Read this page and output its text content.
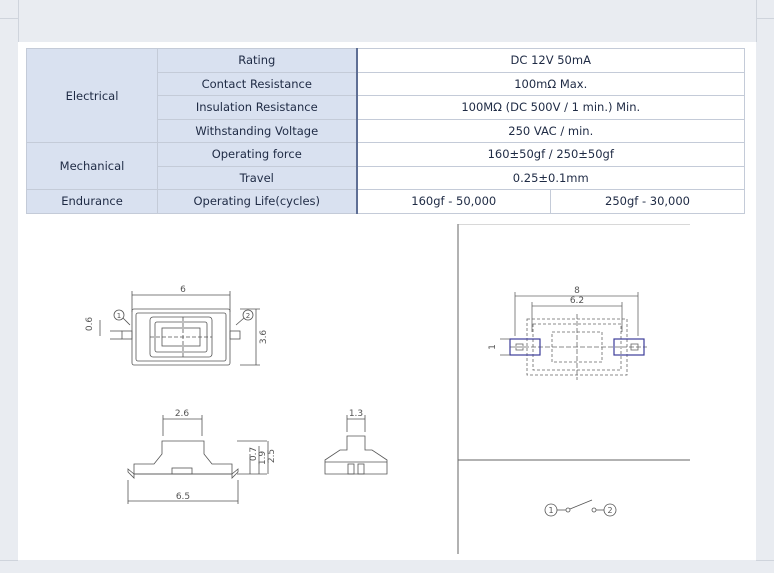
Electrical	Rating	DC 12V 50mA	
	Contact Resistance	100mΩ Max.	
	Insulation Resistance	100MΩ (DC 500V / 1 min.) Min.	
	Withstanding Voltage	250 VAC / min.	
Mechanical	Operating force	160±50gf / 250±50gf	
	Travel	0.25±0.1mm	
Endurance	Operating Life(cycles)	160gf - 50,000	250gf - 30,000
6
0.6
3.6
1	2
2.6
0.7 1.9 2.5
6.5
1.3
8
6.2
1
1	2
